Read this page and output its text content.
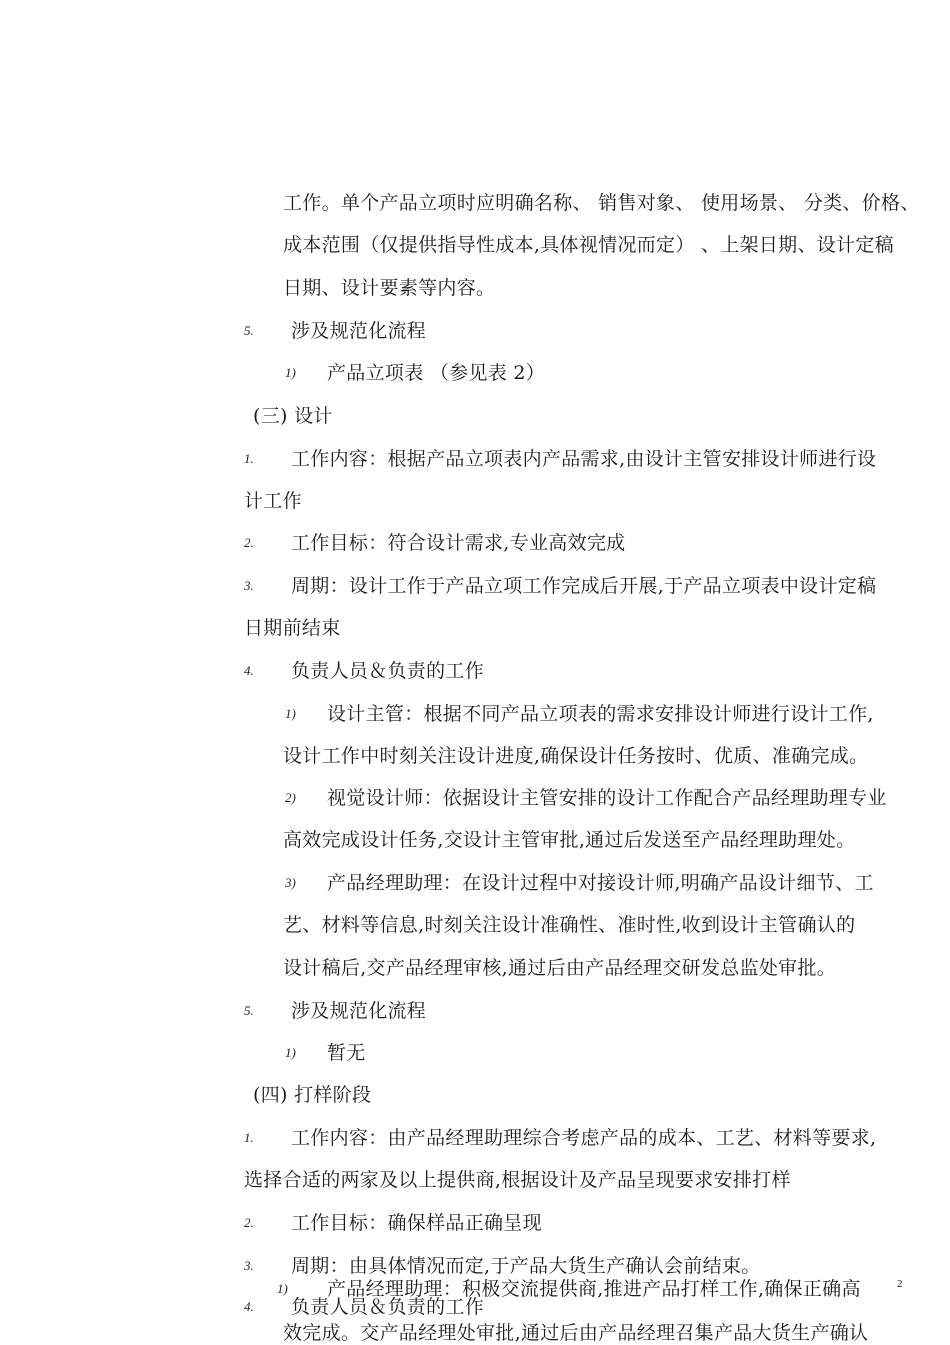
工作。单个产品立项时应明确名称、 销售对象、 使用场景、 分类、价格、
成本范围（仅提供指导性成本,具体视情况而定） 、上架日期、设计定稿
日期、设计要素等内容。
5. 涉及规范化流程
1) 产品立项表 （参见表 2）
(三) 设计
1. 工作内容：根据产品立项表内产品需求,由设计主管安排设计师进行设
计工作
2. 工作目标：符合设计需求,专业高效完成
3. 周期：设计工作于产品立项工作完成后开展,于产品立项表中设计定稿
日期前结束
4. 负责人员＆负责的工作
1) 设计主管：根据不同产品立项表的需求安排设计师进行设计工作,
设计工作中时刻关注设计进度,确保设计任务按时、优质、准确完成。
2) 视觉设计师：依据设计主管安排的设计工作配合产品经理助理专业
高效完成设计任务,交设计主管审批,通过后发送至产品经理助理处。
3) 产品经理助理：在设计过程中对接设计师,明确产品设计细节、工
艺、材料等信息,时刻关注设计准确性、准时性,收到设计主管确认的
设计稿后,交产品经理审核,通过后由产品经理交研发总监处审批。
5. 涉及规范化流程
1) 暂无
(四) 打样阶段
1. 工作内容：由产品经理助理综合考虑产品的成本、工艺、材料等要求,
选择合适的两家及以上提供商,根据设计及产品呈现要求安排打样
2. 工作目标：确保样品正确呈现
3. 周期：由具体情况而定,于产品大货生产确认会前结束。
1) 产品经理助理：积极交流提供商,推进产品打样工作,确保正确高	2
4. 负责人员＆负责的工作
效完成。交产品经理处审批,通过后由产品经理召集产品大货生产确认
